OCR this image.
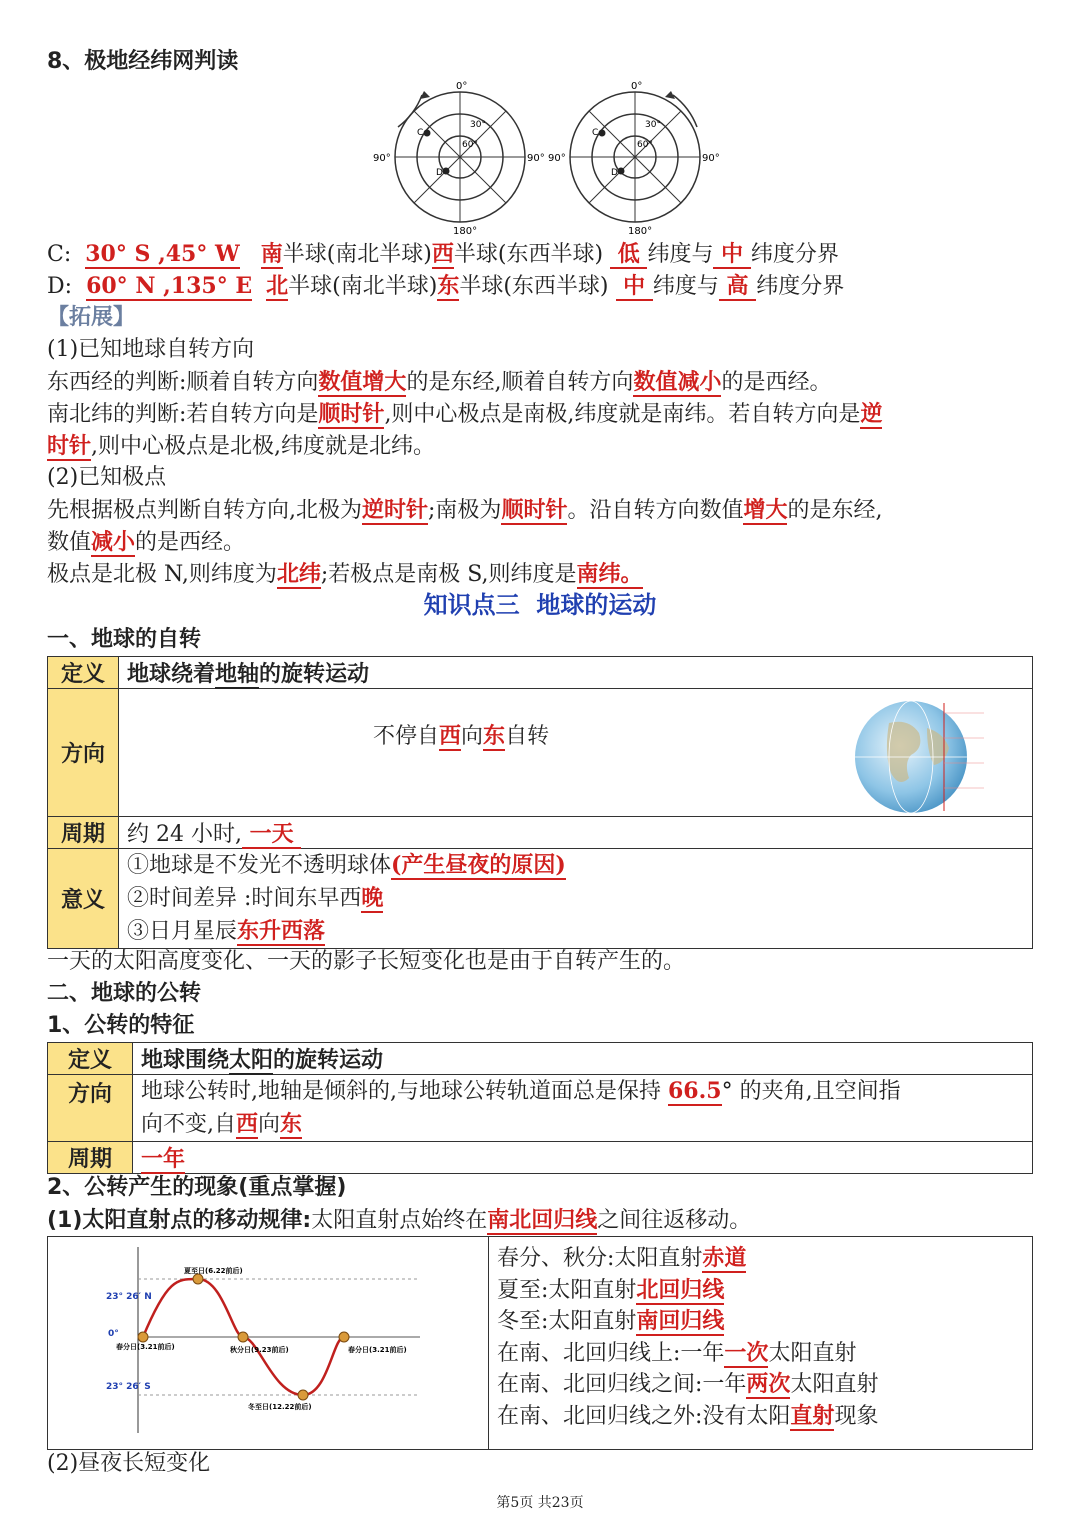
8、极地经纬网判读
0°
180°
90°	90°
30°
60°
C
D
0°
180°
90°	90°
30°
60°
C
D
C: 30° S ,45° W 南半球(南北半球)西半球(东西半球) 低 纬度与 中 纬度分界
D: 60° N ,135° E 北半球(南北半球)东半球(东西半球) 中 纬度与 高 纬度分界
【拓展】
(1)已知地球自转方向
东西经的判断:顺着自转方向数值增大的是东经,顺着自转方向数值减小的是西经。
南北纬的判断:若自转方向是顺时针,则中心极点是南极,纬度就是南纬。若自转方向是逆
时针,则中心极点是北极,纬度就是北纬。
(2)已知极点
先根据极点判断自转方向,北极为逆时针;南极为顺时针。沿自转方向数值增大的是东经,
数值减小的是西经。
极点是北极 N,则纬度为北纬;若极点是南极 S,则纬度是南纬。
知识点三  地球的运动
一、地球的自转
定义	地球绕着地轴的旋转运动
方向	不停自西向东自转

周期	约 24 小时, 一天
意义	①地球是不发光不透明球体(产生昼夜的原因)
②时间差异 :时间东早西晚
③日月星辰东升西落
一天的太阳高度变化、一天的影子长短变化也是由于自转产生的。
二、地球的公转
1、公转的特征
定义	地球围绕太阳的旋转运动
方向	地球公转时,地轴是倾斜的,与地球公转轨道面总是保持 66.5° 的夹角,且空间指
向不变,自西向东

周期	一年
2、公转产生的现象(重点掌握)
(1)太阳直射点的移动规律:太阳直射点始终在南北回归线之间往返移动。
23° 26′ N
0°
23° 26′ S
夏至日(6.22前后)
春分日(3.21前后)	秋分日(9.23前后)
冬至日(12.22前后)
春分日(3.21前后)

春分、秋分:太阳直射赤道
夏至:太阳直射北回归线
冬至:太阳直射南回归线
在南、北回归线上:一年一次太阳直射
在南、北回归线之间:一年两次太阳直射
在南、北回归线之外:没有太阳直射现象
(2)昼夜长短变化
第5页 共23页
